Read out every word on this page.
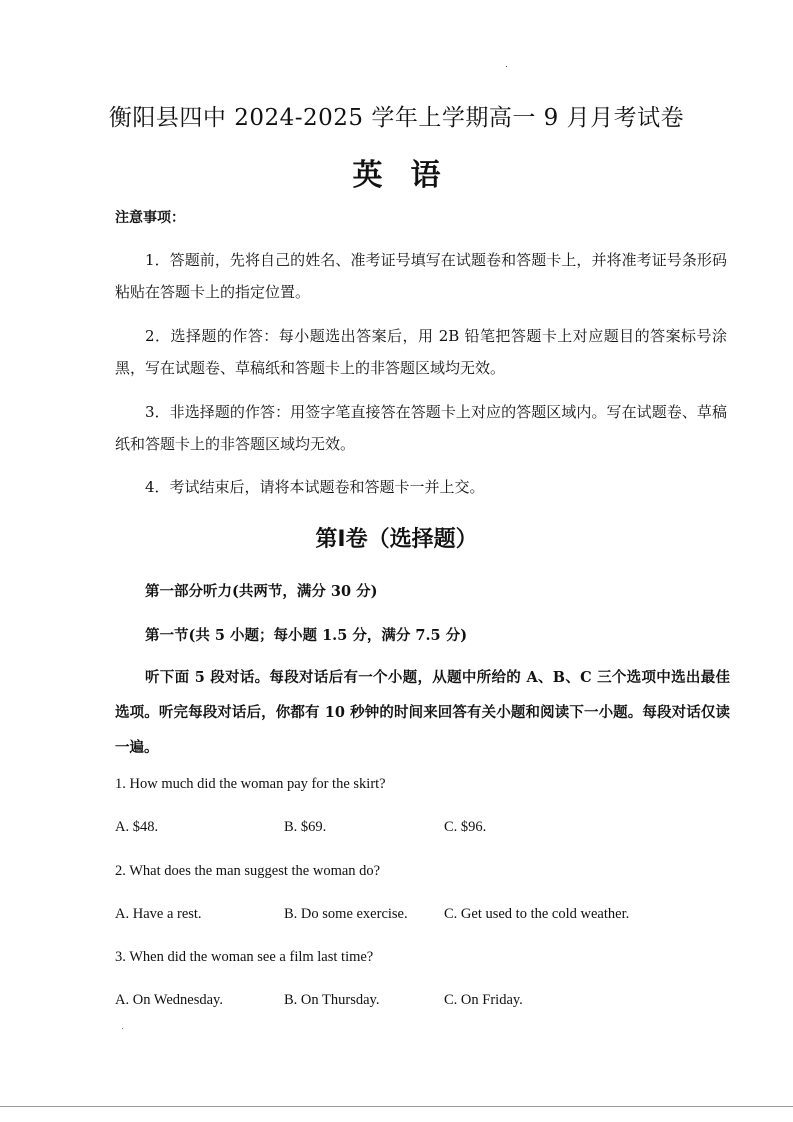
衡阳县四中 2024-2025 学年上学期高一 9 月月考试卷
英语
注意事项：
1．答题前，先将自己的姓名、准考证号填写在试题卷和答题卡上，并将准考证号条形码粘贴在答题卡上的指定位置。
2．选择题的作答：每小题选出答案后，用 2B 铅笔把答题卡上对应题目的答案标号涂黑，写在试题卷、草稿纸和答题卡上的非答题区域均无效。
3．非选择题的作答：用签字笔直接答在答题卡上对应的答题区域内。写在试题卷、草稿纸和答题卡上的非答题区域均无效。
4．考试结束后，请将本试题卷和答题卡一并上交。
第Ⅰ卷（选择题）
第一部分听力(共两节，满分 30 分)
第一节(共 5 小题；每小题 1.5 分，满分 7.5 分)
听下面 5 段对话。每段对话后有一个小题，从题中所给的 A、B、C 三个选项中选出最佳选项。听完每段对话后，你都有 10 秒钟的时间来回答有关小题和阅读下一小题。每段对话仅读一遍。
1. How much did the woman pay for the skirt?
A. $48.	B. $69.	C. $96.
2. What does the man suggest the woman do?
A. Have a rest.	B. Do some exercise.	C. Get used to the cold weather.
3. When did the woman see a film last time?
A. On Wednesday.	B. On Thursday.	C. On Friday.
